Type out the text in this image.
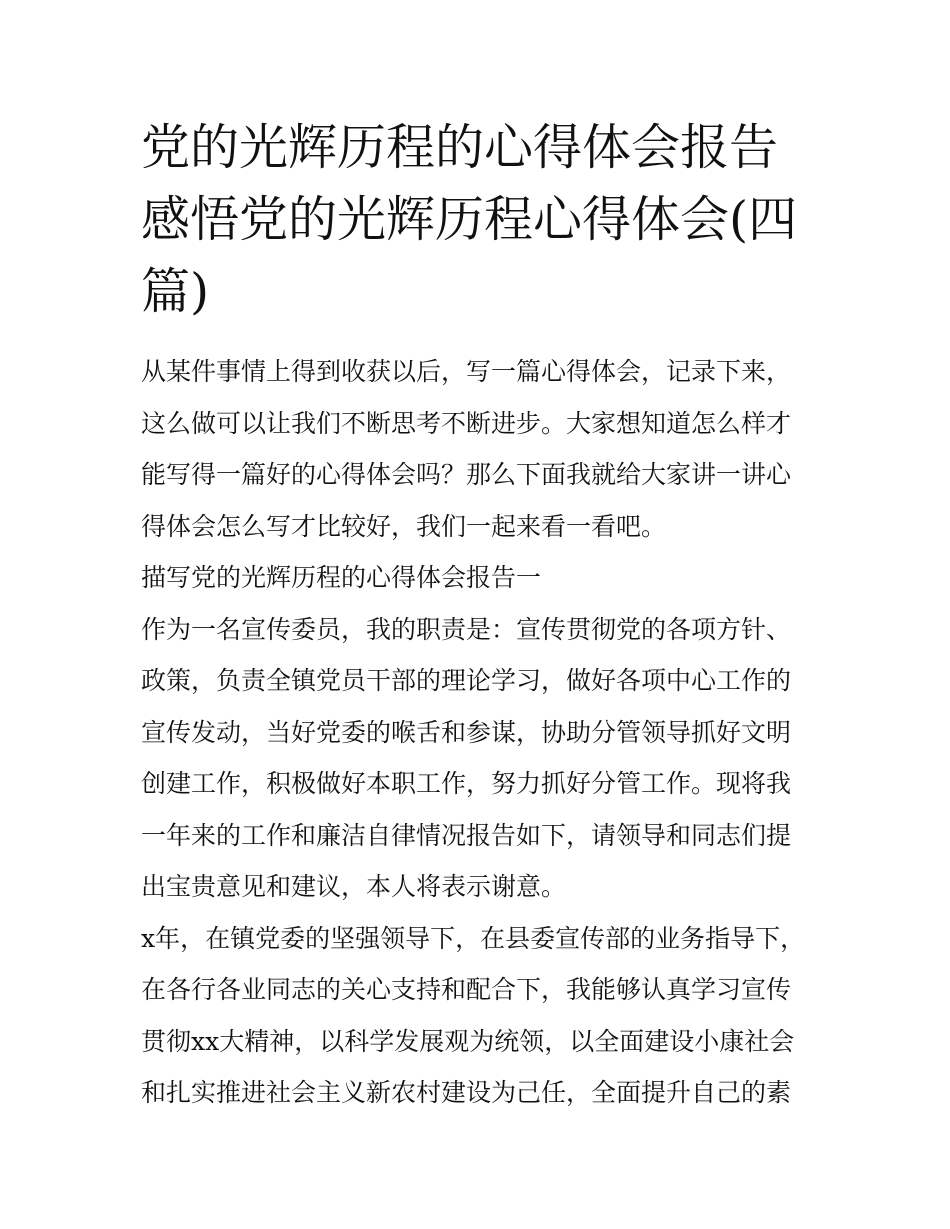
党的光辉历程的心得体会报告感悟党的光辉历程心得体会(四篇)

从某件事情上得到收获以后，写一篇心得体会，记录下来，这么做可以让我们不断思考不断进步。大家想知道怎么样才能写得一篇好的心得体会吗？那么下面我就给大家讲一讲心得体会怎么写才比较好，我们一起来看一看吧。

描写党的光辉历程的心得体会报告一

作为一名宣传委员，我的职责是：宣传贯彻党的各项方针、政策，负责全镇党员干部的理论学习，做好各项中心工作的宣传发动，当好党委的喉舌和参谋，协助分管领导抓好文明创建工作，积极做好本职工作，努力抓好分管工作。现将我一年来的工作和廉洁自律情况报告如下，请领导和同志们提出宝贵意见和建议，本人将表示谢意。

x年，在镇党委的坚强领导下，在县委宣传部的业务指导下，在各行各业同志的关心支持和配合下，我能够认真学习宣传贯彻xx大精神，以科学发展观为统领，以全面建设小康社会和扎实推进社会主义新农村建设为己任，全面提升自己的素
